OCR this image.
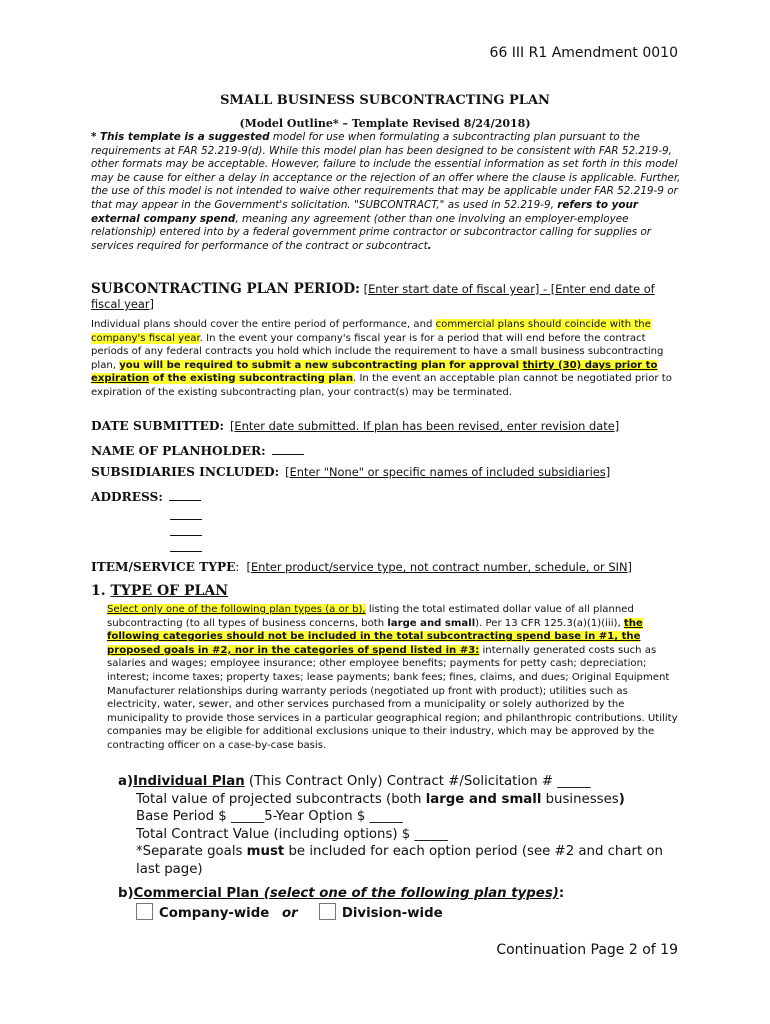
66 III R1 Amendment 0010
SMALL BUSINESS SUBCONTRACTING PLAN
(Model Outline* – Template Revised 8/24/2018)
* This template is a suggested model for use when formulating a subcontracting plan pursuant to the requirements at FAR 52.219-9(d). While this model plan has been designed to be consistent with FAR 52.219-9, other formats may be acceptable. However, failure to include the essential information as set forth in this model may be cause for either a delay in acceptance or the rejection of an offer where the clause is applicable. Further, the use of this model is not intended to waive other requirements that may be applicable under FAR 52.219-9 or that may appear in the Government's solicitation. "SUBCONTRACT," as used in 52.219-9, refers to your external company spend, meaning any agreement (other than one involving an employer-employee relationship) entered into by a federal government prime contractor or subcontractor calling for supplies or services required for performance of the contract or subcontract.
SUBCONTRACTING PLAN PERIOD: [Enter start date of fiscal year] - [Enter end date of fiscal year]
Individual plans should cover the entire period of performance, and commercial plans should coincide with the company's fiscal year. In the event your company's fiscal year is for a period that will end before the contract periods of any federal contracts you hold which include the requirement to have a small business subcontracting plan, you will be required to submit a new subcontracting plan for approval thirty (30) days prior to expiration of the existing subcontracting plan. In the event an acceptable plan cannot be negotiated prior to expiration of the existing subcontracting plan, your contract(s) may be terminated.
DATE SUBMITTED: [Enter date submitted. If plan has been revised, enter revision date]
NAME OF PLANHOLDER:
SUBSIDIARIES INCLUDED: [Enter "None" or specific names of included subsidiaries]
ADDRESS:
ITEM/SERVICE TYPE: [Enter product/service type, not contract number, schedule, or SIN]
1. TYPE OF PLAN
Select only one of the following plan types (a or b), listing the total estimated dollar value of all planned subcontracting (to all types of business concerns, both large and small). Per 13 CFR 125.3(a)(1)(iii), the following categories should not be included in the total subcontracting spend base in #1, the proposed goals in #2, nor in the categories of spend listed in #3: internally generated costs such as salaries and wages; employee insurance; other employee benefits; payments for petty cash; depreciation; interest; income taxes; property taxes; lease payments; bank fees; fines, claims, and dues; Original Equipment Manufacturer relationships during warranty periods (negotiated up front with product); utilities such as electricity, water, sewer, and other services purchased from a municipality or solely authorized by the municipality to provide those services in a particular geographical region; and philanthropic contributions. Utility companies may be eligible for additional exclusions unique to their industry, which may be approved by the contracting officer on a case-by-case basis.
a)Individual Plan (This Contract Only) Contract #/Solicitation # _____
Total value of projected subcontracts (both large and small businesses)
Base Period $ _____5-Year Option $ _____
Total Contract Value (including options) $ _____
*Separate goals must be included for each option period (see #2 and chart on last page)
b)Commercial Plan (select one of the following plan types):
Company-wide or	Division-wide
Continuation Page 2 of 19
